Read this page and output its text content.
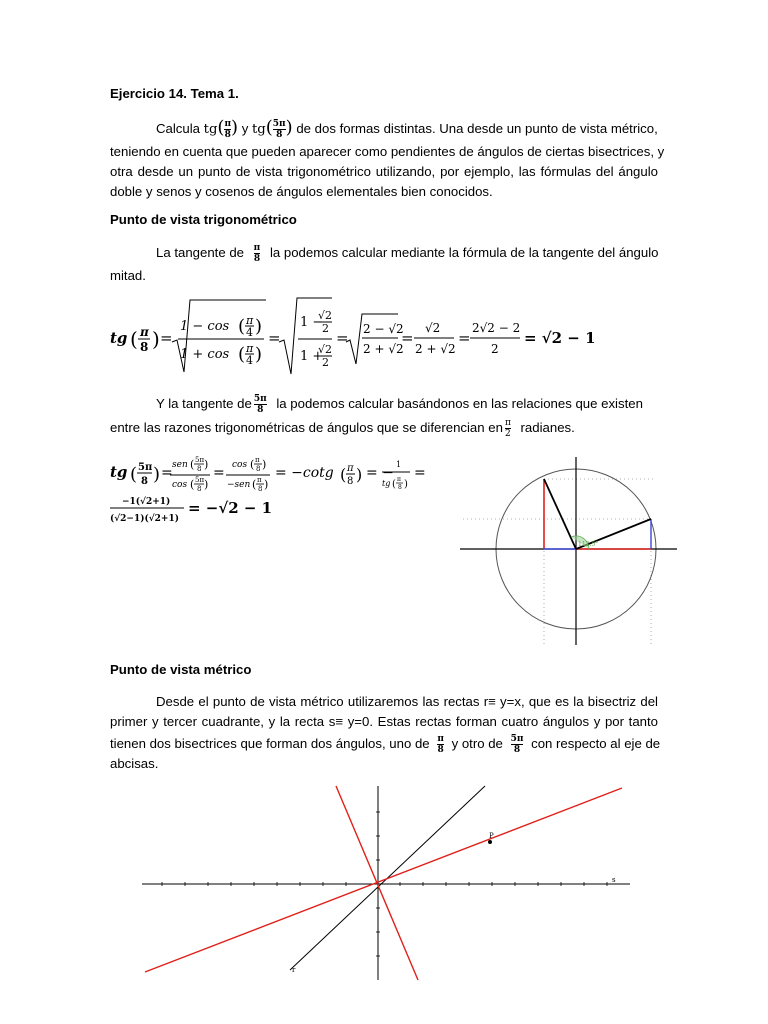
Ejercicio 14. Tema 1.
Calcula $tg( \frac{\pi}{8}$ ) y $tg( \frac{5\pi}{8}$ ) de dos formas distintas. Una desde un punto de vista métrico,
teniendo en cuenta que pueden aparecer como pendientes de ángulos de ciertas bisectrices, y
otra desde un punto de vista trigonométrico utilizando, por ejemplo, las fórmulas del ángulo
doble y senos y cosenos de ángulos elementales bien conocidos.
Punto de vista trigonométrico
La tangente de $\frac{\pi}{8}$ la podemos calcular mediante la fórmula de la tangente del ángulo
mitad.
tg ( π
8 ) =
1 − cos ( π
4 )
1 + cos ( π
4 )
=
1 −
√2
2
1 +
√2
2
= 2 − √2
2 + √2
=
√2
2 + √2
=
2√2 − 2
2
= √2 − 1
Y la tangente de $\frac{5\pi}{8}$ la podemos calcular basándonos en las relaciones que existen
entre las razones trigonométricas de ángulos que se diferencian en $\frac{\pi}{2}$ radianes.
tg ( 5π
8 ) = sen ( 5π
8 )
cos ( 5π
8 )
= cos ( π
8 )
−sen ( π
8 )
= −cotg ( π
8 ) = −
1
tg ( π
8 )
=
−1(√2+1)
(√2−1)(√2+1)
= −√2 − 1
112.5°
Punto de vista métrico
Desde el punto de vista métrico utilizaremos las rectas r≡ y=x, que es la bisectriz del
primer y tercer cuadrante, y la recta s≡ y=0. Estas rectas forman cuatro ángulos y por tanto
tienen dos bisectrices que forman dos ángulos, uno de $\frac{\pi}{8}$ y otro de $\frac{5\pi}{8}$ con respecto al eje de
abcisas.
P
s
r
